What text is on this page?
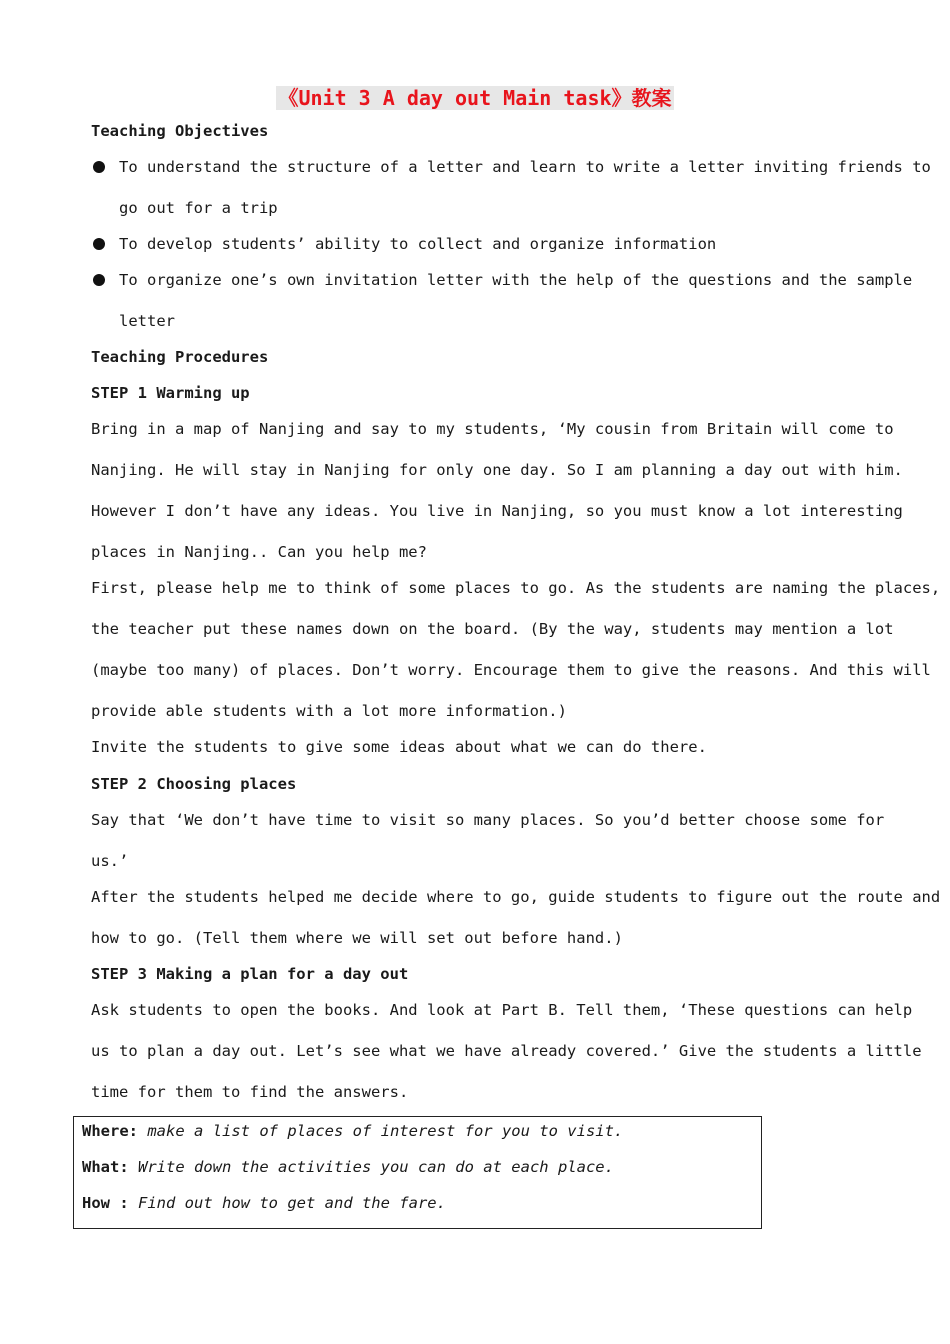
《Unit 3 A day out Main task》教案
Teaching Objectives
To understand the structure of a letter and learn to write a letter inviting friends to
go out for a trip
To develop students’ ability to collect and organize information
To organize one’s own invitation letter with the help of the questions and the sample
letter
Teaching Procedures
STEP 1 Warming up
Bring in a map of Nanjing and say to my students, ‘My cousin from Britain will come to
Nanjing. He will stay in Nanjing for only one day. So I am planning a day out with him.
However I don’t have any ideas. You live in Nanjing, so you must know a lot interesting
places in Nanjing.. Can you help me?
First, please help me to think of some places to go. As the students are naming the places,
the teacher put these names down on the board. (By the way, students may mention a lot
(maybe too many) of places. Don’t worry. Encourage them to give the reasons. And this will
provide able students with a lot more information.)
Invite the students to give some ideas about what we can do there.
STEP 2 Choosing places
Say that ‘We don’t have time to visit so many places. So you’d better choose some for
us.’
After the students helped me decide where to go, guide students to figure out the route and
how to go. (Tell them where we will set out before hand.)
STEP 3 Making a plan for a day out
Ask students to open the books. And look at Part B. Tell them, ‘These questions can help
us to plan a day out. Let’s see what we have already covered.’ Give the students a little
time for them to find the answers.
Where: make a list of places of interest for you to visit.
What: Write down the activities you can do at each place.
How : Find out how to get and the fare.
